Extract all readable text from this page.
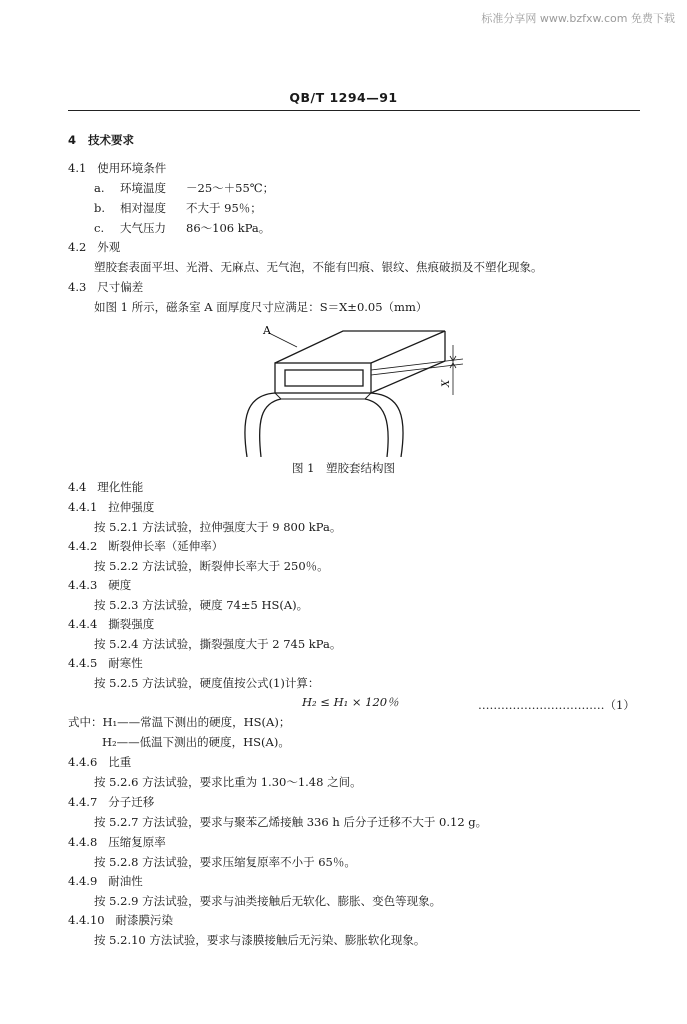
标准分享网 www.bzfxw.com 免费下载
QB/T 1294—91
4 技术要求
4.1 使用环境条件
a. 环境温度 －25～＋55℃；
b. 相对湿度 不大于 95％；
c. 大气压力 86～106 kPa。
4.2 外观
塑胶套表面平坦、光滑、无麻点、无气泡，不能有凹痕、银纹、焦痕破损及不塑化现象。
4.3 尺寸偏差
如图 1 所示，磁条室 A 面厚度尺寸应满足：S＝X±0.05（mm）
A
X
图 1　塑胶套结构图
4.4 理化性能
4.4.1 拉伸强度
按 5.2.1 方法试验，拉伸强度大于 9 800 kPa。
4.4.2 断裂伸长率（延伸率）
按 5.2.2 方法试验，断裂伸长率大于 250％。
4.4.3 硬度
按 5.2.3 方法试验，硬度 74±5 HS(A)。
4.4.4 撕裂强度
按 5.2.4 方法试验，撕裂强度大于 2 745 kPa。
4.4.5 耐寒性
按 5.2.5 方法试验，硬度值按公式(1)计算：
H₂ ≤ H₁ × 120％	……………………………（1）
式中：H₁——常温下测出的硬度，HS(A)；
H₂——低温下测出的硬度，HS(A)。
4.4.6 比重
按 5.2.6 方法试验，要求比重为 1.30～1.48 之间。
4.4.7 分子迁移
按 5.2.7 方法试验，要求与聚苯乙烯接触 336 h 后分子迁移不大于 0.12 g。
4.4.8 压缩复原率
按 5.2.8 方法试验，要求压缩复原率不小于 65％。
4.4.9 耐油性
按 5.2.9 方法试验，要求与油类接触后无软化、膨胀、变色等现象。
4.4.10 耐漆膜污染
按 5.2.10 方法试验，要求与漆膜接触后无污染、膨胀软化现象。
